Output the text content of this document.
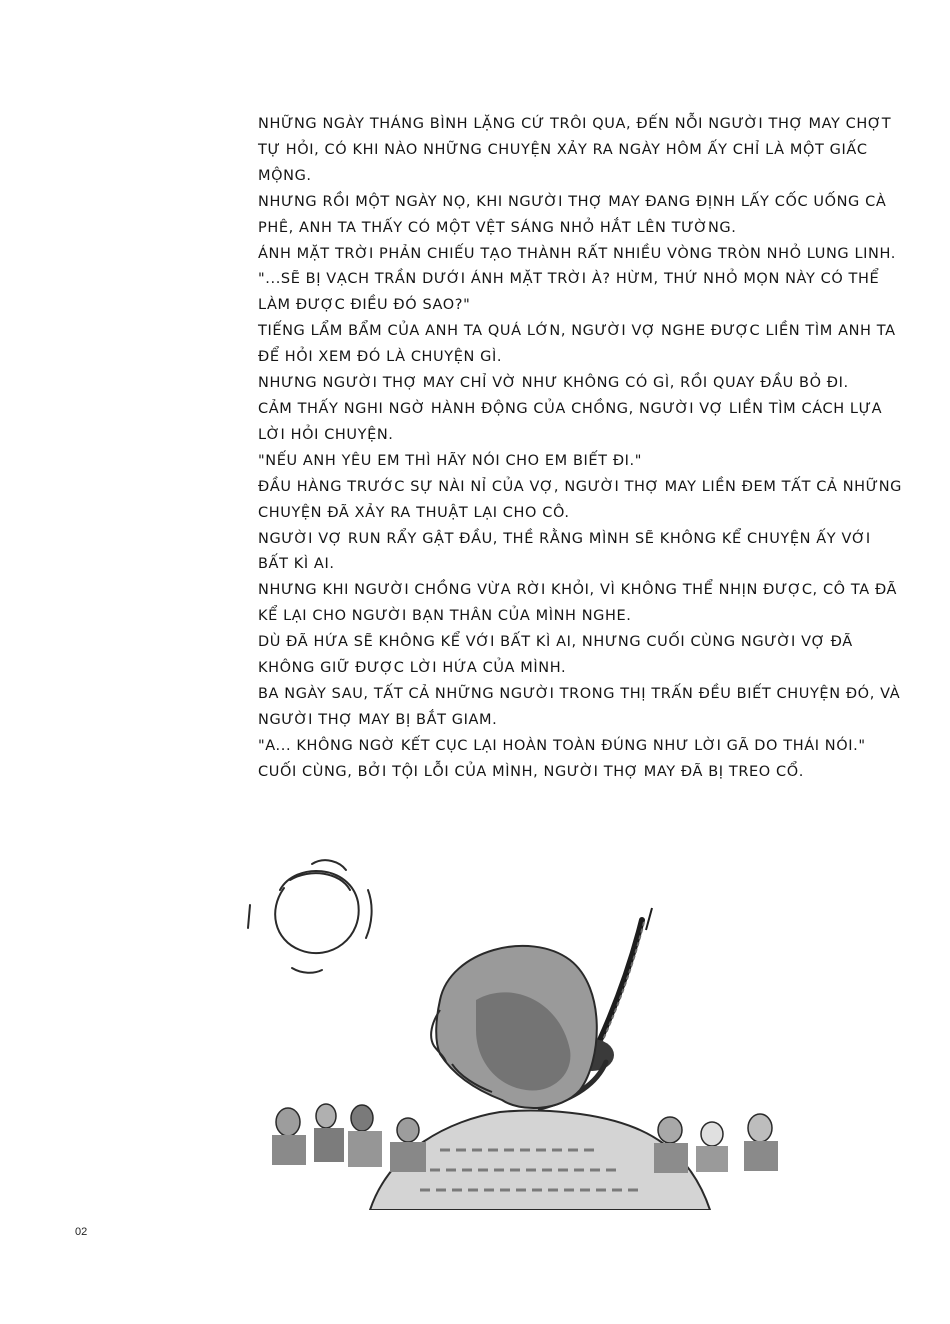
NHỮNG NGÀY THÁNG BÌNH LẶNG CỨ TRÔI QUA, ĐẾN NỖI NGƯỜI THỢ MAY CHỢT
TỰ HỎI, CÓ KHI NÀO NHỮNG CHUYỆN XẢY RA NGÀY HÔM ẤY CHỈ LÀ MỘT GIẤC
MỘNG.
NHƯNG RỒI MỘT NGÀY NỌ, KHI NGƯỜI THỢ MAY ĐANG ĐỊNH LẤY CỐC UỐNG CÀ
PHÊ, ANH TA THẤY CÓ MỘT VỆT SÁNG NHỎ HẮT LÊN TƯỜNG.
ÁNH MẶT TRỜI PHẢN CHIẾU TẠO THÀNH RẤT NHIỀU VÒNG TRÒN NHỎ LUNG LINH.
"...SẼ BỊ VẠCH TRẦN DƯỚI ÁNH MẶT TRỜI À? HỪM, THỨ NHỎ MỌN NÀY CÓ THỂ
LÀM ĐƯỢC ĐIỀU ĐÓ SAO?"
TIẾNG LẨM BẨM CỦA ANH TA QUÁ LỚN, NGƯỜI VỢ NGHE ĐƯỢC LIỀN TÌM ANH TA
ĐỂ HỎI XEM ĐÓ LÀ CHUYỆN GÌ.
NHƯNG NGƯỜI THỢ MAY CHỈ VỜ NHƯ KHÔNG CÓ GÌ, RỒI QUAY ĐẦU BỎ ĐI.
CẢM THẤY NGHI NGỜ HÀNH ĐỘNG CỦA CHỒNG, NGƯỜI VỢ LIỀN TÌM CÁCH LỰA
LỜI HỎI CHUYỆN.
"NẾU ANH YÊU EM THÌ HÃY NÓI CHO EM BIẾT ĐI."
ĐẦU HÀNG TRƯỚC SỰ NÀI NỈ CỦA VỢ, NGƯỜI THỢ MAY LIỀN ĐEM TẤT CẢ NHỮNG
CHUYỆN ĐÃ XẢY RA THUẬT LẠI CHO CÔ.
NGƯỜI VỢ RUN RẨY GẬT ĐẦU, THỀ RẰNG MÌNH SẼ KHÔNG KỂ CHUYỆN ẤY VỚI
BẤT KÌ AI.
NHƯNG KHI NGƯỜI CHỒNG VỪA RỜI KHỎI, VÌ KHÔNG THỂ NHỊN ĐƯỢC, CÔ TA ĐÃ
KỂ LẠI CHO NGƯỜI BẠN THÂN CỦA MÌNH NGHE.
DÙ ĐÃ HỨA SẼ KHÔNG KỂ VỚI BẤT KÌ AI, NHƯNG CUỐI CÙNG NGƯỜI VỢ ĐÃ
KHÔNG GIỮ ĐƯỢC LỜI HỨA CỦA MÌNH.
BA NGÀY SAU, TẤT CẢ NHỮNG NGƯỜI TRONG THỊ TRẤN ĐỀU BIẾT CHUYỆN ĐÓ, VÀ
NGƯỜI THỢ MAY BỊ BẮT GIAM.
"A... KHÔNG NGỜ KẾT CỤC LẠI HOÀN TOÀN ĐÚNG NHƯ LỜI GÃ DO THÁI NÓI."
CUỐI CÙNG, BỞI TỘI LỖI CỦA MÌNH, NGƯỜI THỢ MAY ĐÃ BỊ TREO CỔ.
02
